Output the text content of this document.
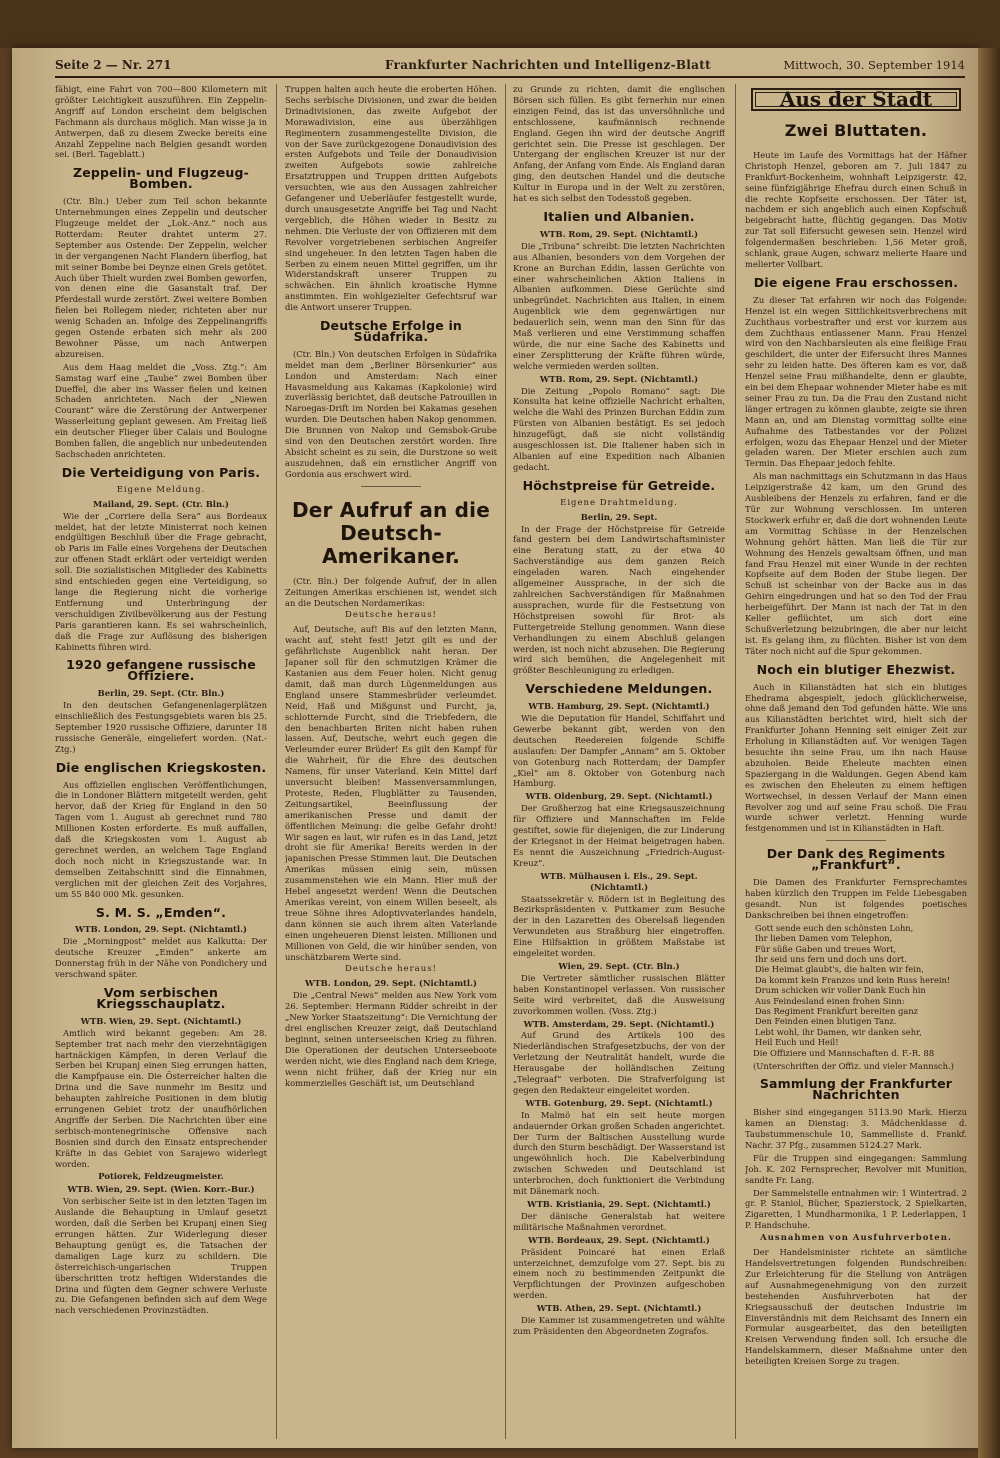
Seite 2 — Nr. 271	Frankfurter Nachrichten und Intelligenz-Blatt	Mittwoch, 30. September 1914

fähigt, eine Fahrt von 700—800 Kilometern mit größter Leichtigkeit auszuführen. Ein Zeppelin-Angriff auf London erscheint dem belgischen Fachmann als durchaus möglich. Man wisse ja in Antwerpen, daß zu diesem Zwecke bereits eine Anzahl Zeppeline nach Belgien gesandt worden sei. (Berl. Tageblatt.)

Zeppelin- und Flugzeug-Bomben.

(Ctr. Bln.) Ueber zum Teil schon bekannte Unternehmungen eines Zeppelin und deutscher Flugzeuge meldet der „Lok.-Anz.“ noch aus Rotterdam: Reuter drahtet unterm 27. September aus Ostende: Der Zeppelin, welcher in der vergangenen Nacht Flandern überflog, hat mit seiner Bombe bei Deynze einen Greis getötet. Auch über Thielt wurden zwei Bomben geworfen, von denen eine die Gasanstalt traf. Der Pferdestall wurde zerstört. Zwei weitere Bomben fielen bei Rollegem nieder, richteten aber nur wenig Schaden an. Infolge des Zeppelinangriffs gegen Ostende erbaten sich mehr als 200 Bewohner Pässe, um nach Antwerpen abzureisen.

Aus dem Haag meldet die „Voss. Ztg.“: Am Samstag warf eine „Taube“ zwei Bomben über Dueffel, die aber ins Wasser fielen und keinen Schaden anrichteten. Nach der „Niewen Courant“ wäre die Zerstörung der Antwerpener Wasserleitung geplant gewesen. Am Freitag ließ ein deutscher Flieger über Calais und Boulogne Bomben fallen, die angeblich nur unbedeutenden Sachschaden anrichteten.

Die Verteidigung von Paris.
Eigene Meldung.
Mailand, 29. Sept. (Ctr. Bln.)

Wie der „Corriere della Sera“ aus Bordeaux meldet, hat der letzte Ministerrat noch keinen endgültigen Beschluß über die Frage gebracht, ob Paris im Falle eines Vorgehens der Deutschen zur offenen Stadt erklärt oder verteidigt werden soll. Die sozialistischen Mitglieder des Kabinetts sind entschieden gegen eine Verteidigung, so lange die Regierung nicht die vorherige Entfernung und Unterbringung der verschuldigen Zivilbevölkerung aus der Festung Paris garantieren kann. Es sei wahrscheinlich, daß die Frage zur Auflösung des bisherigen Kabinetts führen wird.

1920 gefangene russische Offiziere.
Berlin, 29. Sept. (Ctr. Bln.)

In den deutschen Gefangenenlagerplätzen einschließlich des Festungsgebiets waren bis 25. September 1920 russische Offiziere, darunter 18 russische Generäle, eingeliefert worden. (Nat.-Ztg.)

Die englischen Kriegskosten.

Aus offiziellen englischen Veröffentlichungen, die in Londoner Blättern mitgeteilt werden, geht hervor, daß der Krieg für England in den 50 Tagen vom 1. August ab gerechnet rund 780 Millionen Kosten erforderte. Es muß auffallen, daß die Kriegskosten vom 1. August ab gerechnet werden, an welchem Tage England doch noch nicht in Kriegszustande war. In demselben Zeitabschnitt sind die Einnahmen, verglichen mit der gleichen Zeit des Vorjahres, um 55 840 000 Mk. gesunken.

S. M. S. „Emden“.
WTB. London, 29. Sept. (Nichtamtl.)

Die „Morningpost“ meldet aus Kalkutta: Der deutsche Kreuzer „Emden“ ankerte am Donnerstag früh in der Nähe von Pondichery und verschwand später.

Vom serbischen Kriegsschauplatz.
WTB. Wien, 29. Sept. (Nichtamtl.)

Amtlich wird bekannt gegeben: Am 28. September trat nach mehr den vierzehntägigen hartnäckigen Kämpfen, in deren Verlauf die Serben bei Krupanj einen Sieg errungen hatten, die Kampfpause ein. Die Österreicher halten die Drina und die Save nunmehr im Besitz und behaupten zahlreiche Positionen in dem blutig errungenen Gebiet trotz der unaufhörlichen Angriffe der Serben. Die Nachrichten über eine serbisch-montenegrinische Offensive nach Bosnien sind durch den Einsatz entsprechender Kräfte in das Gebiet von Sarajewo widerlegt worden.

Potiorek, Feldzeugmeister.
WTB. Wien, 29. Sept. (Wien. Korr.-Bur.)

Von serbischer Seite ist in den letzten Tagen im Auslande die Behauptung in Umlauf gesetzt worden, daß die Serben bei Krupanj einen Sieg errungen hätten. Zur Widerlegung dieser Behauptung genügt es, die Tatsachen der damaligen Lage kurz zu schildern. Die österreichisch-ungarischen Truppen überschritten trotz heftigen Widerstandes die Drina und fügten dem Gegner schwere Verluste zu. Die Gefangenen befinden sich auf dem Wege nach verschiedenen Provinzstädten.

Truppen halten auch heute die eroberten Höhen. Sechs serbische Divisionen, und zwar die beiden Drinadivisionen, das zweite Aufgebot der Morawadivision, eine aus überzähligen Regimentern zusammengestellte Division, die von der Save zurückgezogene Donaudivision des ersten Aufgebots und Teile der Donaudivision zweiten Aufgebots sowie zahlreiche Ersatztruppen und Truppen dritten Aufgebots versuchten, wie aus den Aussagen zahlreicher Gefangener und Ueberläufer festgestellt wurde, durch unausgesetzte Angriffe bei Tag und Nacht vergeblich, die Höhen wieder in Besitz zu nehmen. Die Verluste der von Offizieren mit dem Revolver vorgetriebenen serbischen Angreifer sind ungeheuer. In den letzten Tagen haben die Serben zu einem neuen Mittel gegriffen, um ihr Widerstandskraft unserer Truppen zu schwächen. Ein ähnlich kroatische Hymne anstimmten. Ein wohlgezielter Gefechtsruf war die Antwort unserer Truppen.

Deutsche Erfolge in Südafrika.

(Ctr. Bln.) Von deutschen Erfolgen in Südafrika meldet man dem „Berliner Börsenkurier“ aus London und Amsterdam: Nach einer Havasmeldung aus Kakamas (Kapkolonie) wird zuverlässig berichtet, daß deutsche Patrouillen in Naroegas-Drift im Norden bei Kakamas gesehen wurden. Die Deutschen haben Nakop genommen. Die Brunnen von Nakop und Gemsbok-Grube sind von den Deutschen zerstört worden. Ihre Absicht scheint es zu sein, die Durstzone so weit auszudehnen, daß ein ernstlicher Angriff von Gordonia aus erschwert wird.

Der Aufruf an die Deutsch-Amerikaner.

(Ctr. Bln.) Der folgende Aufruf, der in allen Zeitungen Amerikas erschienen ist, wendet sich an die Deutschen Nordamerikas:

Deutsche heraus!

Auf, Deutsche, auf! Bis auf den letzten Mann, wacht auf, steht fest! Jetzt gilt es und der gefährlichste Augenblick naht heran. Der Japaner soll für den schmutzigen Krämer die Kastanien aus dem Feuer holen. Nicht genug damit, daß man durch Lügenmeldungen aus England unsere Stammesbrüder verleumdet. Neid, Haß und Mißgunst und Furcht, ja, schlotternde Furcht, sind die Triebfedern, die den benachbarten Briten nicht haben ruhen lassen. Auf, Deutsche, wehrt euch gegen die Verleumder eurer Brüder! Es gilt den Kampf für die Wahrheit, für die Ehre des deutschen Namens, für unser Vaterland. Kein Mittel darf unversucht bleiben! Massenversammlungen, Proteste, Reden, Flugblätter zu Tausenden, Zeitungsartikel, Beeinflussung der amerikanischen Presse und damit der öffentlichen Meinung: die gelbe Gefahr droht! Wir sagen es laut, wir rufen es in das Land, jetzt droht sie für Amerika! Bereits werden in der japanischen Presse Stimmen laut. Die Deutschen Amerikas müssen einig sein, müssen zusammenstehen wie ein Mann. Hier muß der Hebel angesetzt werden! Wenn die Deutschen Amerikas vereint, von einem Willen beseelt, als treue Söhne ihres Adoptivvaterlandes handeln, dann können sie auch ihrem alten Vaterlande einen ungeheueren Dienst leisten. Millionen und Millionen von Geld, die wir hinüber senden, von unschätzbarem Werte sind.

Deutsche heraus!
WTB. London, 29. Sept. (Nichtamtl.)

Die „Central News“ melden aus New York vom 26. September: Hermann Ridder schreibt in der „New Yorker Staatszeitung“: Die Vernichtung der drei englischen Kreuzer zeigt, daß Deutschland beginnt, seinen unterseeischen Krieg zu führen. Die Operationen der deutschen Unterseeboote werden nicht, wie dies England nach dem Kriege, wenn nicht früher, daß der Krieg nur ein kommerzielles Geschäft ist, um Deutschland

zu Grunde zu richten, damit die englischen Börsen sich füllen. Es gibt fernerhin nur einen einzigen Feind, das ist das unversöhnliche und entschlossene, kaufmännisch rechnende England. Gegen ihn wird der deutsche Angriff gerichtet sein. Die Presse ist geschlagen. Der Untergang der englischen Kreuzer ist nur der Anfang, der Anfang vom Ende. Als England daran ging, den deutschen Handel und die deutsche Kultur in Europa und in der Welt zu zerstören, hat es sich selbst den Todesstoß gegeben.

Italien und Albanien.
WTB. Rom, 29. Sept. (Nichtamtl.)

Die „Tribuna“ schreibt: Die letzten Nachrichten aus Albanien, besonders von dem Vorgehen der Krone an Burchan Eddin, lassen Gerüchte von einer wahrscheinlichen Aktion Italiens in Albanien aufkommen. Diese Gerüchte sind unbegründet. Nachrichten aus Italien, in einem Augenblick wie dem gegenwärtigen nur bedauerlich sein, wenn man den Sinn für das Maß verlieren und eine Verstimmung schaffen würde, die nur eine Sache des Kabinetts und einer Zersplitterung der Kräfte führen würde, welche vermieden werden sollten.

WTB. Rom, 29. Sept. (Nichtamtl.)

Die Zeitung „Popolo Romano“ sagt: Die Konsulta hat keine offizielle Nachricht erhalten, welche die Wahl des Prinzen Burchan Eddin zum Fürsten von Albanien bestätigt. Es sei jedoch hinzugefügt, daß sie nicht vollständig ausgeschlossen ist. Die Italiener haben sich in Albanien auf eine Expedition nach Albanien gedacht.

Höchstpreise für Getreide.
Eigene Drahtmeldung.
Berlin, 29. Sept.

In der Frage der Höchstpreise für Getreide fand gestern bei dem Landwirtschaftsminister eine Beratung statt, zu der etwa 40 Sachverständige aus dem ganzen Reich eingeladen waren. Nach eingehender allgemeiner Aussprache, in der sich die zahlreichen Sachverständigen für Maßnahmen aussprachen, wurde für die Festsetzung von Höchstpreisen sowohl für Brot- als Futtergetreide Stellung genommen. Wann diese Verhandlungen zu einem Abschluß gelangen werden, ist noch nicht abzusehen. Die Regierung wird sich bemühen, die Angelegenheit mit größter Beschleunigung zu erledigen.

Verschiedene Meldungen.
WTB. Hamburg, 29. Sept. (Nichtamtl.)

Wie die Deputation für Handel, Schiffahrt und Gewerbe bekannt gibt, werden von den deutschen Reedereien folgende Schiffe auslaufen: Der Dampfer „Annam“ am 5. Oktober von Gotenburg nach Rotterdam; der Dampfer „Kiel“ am 8. Oktober von Gotenburg nach Hamburg.

WTB. Oldenburg, 29. Sept. (Nichtamtl.)

Der Großherzog hat eine Kriegsauszeichnung für Offiziere und Mannschaften im Felde gestiftet, sowie für diejenigen, die zur Linderung der Kriegsnot in der Heimat beigetragen haben. Es nennt die Auszeichnung „Friedrich-August-Kreuz“.

WTB. Mülhausen i. Els., 29. Sept. (Nichtamtl.)

Staatssekretär v. Rödern ist in Begleitung des Bezirkspräsidenten v. Puttkamer zum Besuche der in den Lazaretten des Oberelsaß liegenden Verwundeten aus Straßburg hier eingetroffen. Eine Hilfsaktion in größtem Maßstabe ist eingeleitet worden.

Wien, 29. Sept. (Ctr. Bln.)

Die Vertreter sämtlicher russischen Blätter haben Konstantinopel verlassen. Von russischer Seite wird verbreitet, daß die Ausweisung zuvorkommen wollen. (Voss. Ztg.)

WTB. Amsterdam, 29. Sept. (Nichtamtl.)

Auf Grund des Artikels 100 des Niederländischen Strafgesetzbuchs, der von der Verletzung der Neutralität handelt, wurde die Herausgabe der holländischen Zeitung „Telegraaf“ verboten. Die Strafverfolgung ist gegen den Redakteur eingeleitet worden.

WTB. Gotenburg, 29. Sept. (Nichtamtl.)

In Malmö hat ein seit heute morgen andauernder Orkan großen Schaden angerichtet. Der Turm der Baltischen Ausstellung wurde durch den Sturm beschädigt. Der Wasserstand ist ungewöhnlich hoch. Die Kabelverbindung zwischen Schweden und Deutschland ist unterbrochen, doch funktioniert die Verbindung mit Dänemark noch.

WTB. Kristiania, 29. Sept. (Nichtamtl.)

Der dänische Generalstab hat weitere militärische Maßnahmen verordnet.

WTB. Bordeaux, 29. Sept. (Nichtamtl.)

Präsident Poincaré hat einen Erlaß unterzeichnet, demzufolge vom 27. Sept. bis zu einem noch zu bestimmenden Zeitpunkt die Verpflichtungen der Provinzen aufgeschoben werden.

WTB. Athen, 29. Sept. (Nichtamtl.)

Die Kammer ist zusammengetreten und wählte zum Präsidenten den Abgeordneten Zografos.

Aus der Stadt
Zwei Bluttaten.

Heute im Laufe des Vormittags hat der Häfner Christoph Henzel, geboren am 7. Juli 1847 zu Frankfurt-Bockenheim, wohnhaft Leipzigerstr. 42, seine fünfzigjährige Ehefrau durch einen Schuß in die rechte Kopfseite erschossen. Der Täter ist, nachdem er sich angeblich auch einen Kopfschuß beigebracht hatte, flüchtig gegangen. Das Motiv zur Tat soll Eifersucht gewesen sein. Henzel wird folgendermaßen beschrieben: 1,56 Meter groß, schlank, graue Augen, schwarz melierte Haare und melierter Vollbart.

Die eigene Frau erschossen.

Zu dieser Tat erfahren wir noch das Folgende: Henzel ist ein wegen Sittlichkeitsverbrechens mit Zuchthaus vorbestrafter und erst vor kurzem aus dem Zuchthaus entlassener Mann. Frau Henzel wird von den Nachbarsleuten als eine fleißige Frau geschildert, die unter der Eifersucht ihres Mannes sehr zu leiden hatte. Des öfteren kam es vor, daß Henzel seine Frau mißhandelte, denn er glaubte, ein bei dem Ehepaar wohnender Mieter habe es mit seiner Frau zu tun. Da die Frau den Zustand nicht länger ertragen zu können glaubte, zeigte sie ihren Mann an, und am Dienstag vormittag sollte eine Aufnahme des Tatbestandes vor der Polizei erfolgen, wozu das Ehepaar Henzel und der Mieter geladen waren. Der Mieter erschien auch zum Termin. Das Ehepaar jedoch fehlte.

Als man nachmittags ein Schutzmann in das Haus Leipzigerstraße 42 kam, um den Grund des Ausbleibens der Henzels zu erfahren, fand er die Tür zur Wohnung verschlossen. Im unteren Stockwerk erfuhr er, daß die dort wohnenden Leute am Vormittag Schüsse in der Henzelschen Wohnung gehört hätten. Man ließ die Tür zur Wohnung des Henzels gewaltsam öffnen, und man fand Frau Henzel mit einer Wunde in der rechten Kopfseite auf dem Boden der Stube liegen. Der Schuß ist scheinbar von der Backe aus in das Gehirn eingedrungen und hat so den Tod der Frau herbeigeführt. Der Mann ist nach der Tat in den Keller geflüchtet, um sich dort eine Schußverletzung beizubringen, die aber nur leicht ist. Es gelang ihm, zu flüchten. Bisher ist von dem Täter noch nicht auf die Spur gekommen.

Noch ein blutiger Ehezwist.

Auch in Kilianstädten hat sich ein blutiges Ehedrama abgespielt, jedoch glücklicherweise, ohne daß jemand den Tod gefunden hätte. Wie uns aus Kilianstädten berichtet wird, hielt sich der Frankfurter Johann Henning seit einiger Zeit zur Erholung in Kilianstädten auf. Vor wenigen Tagen besuchte ihn seine Frau, um ihn nach Hause abzuholen. Beide Eheleute machten einen Spaziergang in die Waldungen. Gegen Abend kam es zwischen den Eheleuten zu einem heftigen Wortwechsel, in dessen Verlauf der Mann einen Revolver zog und auf seine Frau schoß. Die Frau wurde schwer verletzt. Henning wurde festgenommen und ist in Kilianstädten in Haft.

Der Dank des Regiments „Frankfurt“.

Die Damen des Frankfurter Fernsprechamtes haben kürzlich den Truppen im Felde Liebesgaben gesandt. Nun ist folgendes poetisches Dankschreiben bei ihnen eingetroffen:

Gott sende euch den schönsten Lohn,
Ihr lieben Damen vom Telephon,
Für süße Gaben und treues Wort,
Ihr seid uns fern und doch uns dort.
Die Heimat glaubt's, die halten wir fein,
Da kommt kein Franzos und kein Russ herein!
Drum schicken wir voller Dank Euch hin
Aus Feindesland einen frohen Sinn:
Das Regiment Frankfurt bereiten ganz
Den Feinden einen blutigen Tanz.
Lebt wohl, ihr Damen, wir danken sehr,
Heil Euch und Heil!

Die Offiziere und Mannschaften d. F.-R. 88

(Unterschriften der Offiz. und vieler Mannsch.)

Sammlung der Frankfurter Nachrichten

Bisher sind eingegangen 5113.90 Mark. Hierzu kamen an Dienstag: 3. Mädchenklasse d. Taubstummenschule 10, Sammelliste d. Frankf. Nachr. 37 Pfg., zusammen 5124.27 Mark.

Für die Truppen sind eingegangen: Sammlung Joh. K. 202 Fernsprecher, Revolver mit Munition, sandte Fr. Lang.

Der Sammelstelle entnahmen wir: 1 Wintertrad. 2 gr. P. Staniol, Bücher, Spazierstock, 2 Spielkarten, Zigaretten, 1 Mundharmonika, 1 P. Lederlappen, 1 P. Handschuhe.

Ausnahmen von Ausfuhrverboten.

Der Handelsminister richtete an sämtliche Handelsvertretungen folgenden Rundschreiben: Zur Erleichterung für die Stellung von Anträgen auf Ausnahmegenehmigung von den zurzeit bestehenden Ausfuhrverboten hat der Kriegsausschuß der deutschen Industrie im Einverständnis mit dem Reichsamt des Innern ein Formular ausgearbeitet, das den beteiligten Kreisen Verwendung finden soll. Ich ersuche die Handelskammern, dieser Maßnahme unter den beteiligten Kreisen Sorge zu tragen.
